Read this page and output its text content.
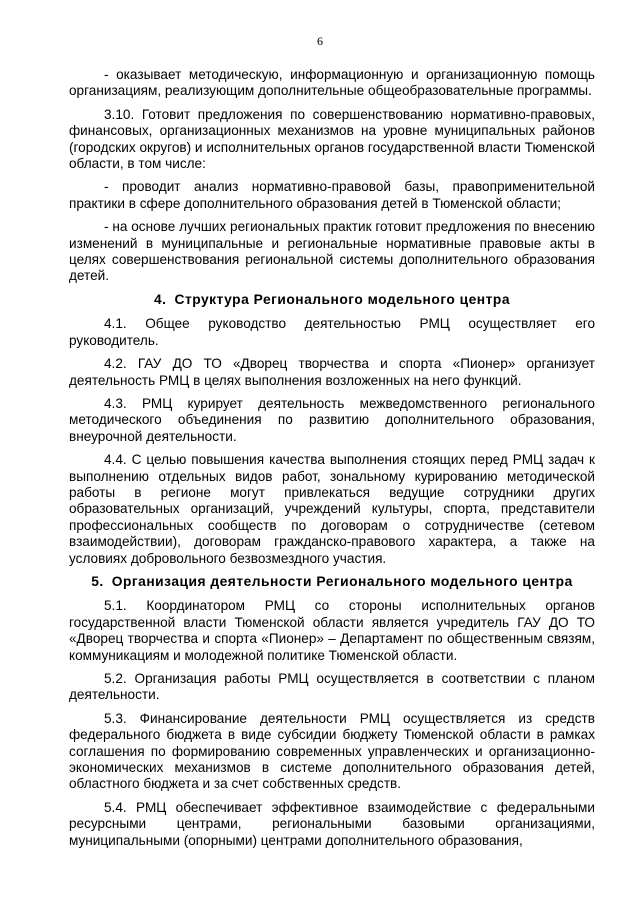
6

- оказывает методическую, информационную и организационную помощь организациям, реализующим дополнительные общеобразовательные программы.

3.10. Готовит предложения по совершенствованию нормативно-правовых, финансовых, организационных механизмов на уровне муниципальных районов (городских округов) и исполнительных органов государственной власти Тюменской области, в том числе:

- проводит анализ нормативно-правовой базы, правоприменительной практики в сфере дополнительного образования детей в Тюменской области;

- на основе лучших региональных практик готовит предложения по внесению изменений в муниципальные и региональные нормативные правовые акты в целях совершенствования региональной системы дополнительного образования детей.

4. Структура Регионального модельного центра

4.1. Общее руководство деятельностью РМЦ осуществляет его руководитель.

4.2. ГАУ ДО ТО «Дворец творчества и спорта «Пионер» организует деятельность РМЦ в целях выполнения возложенных на него функций.

4.3. РМЦ курирует деятельность межведомственного регионального методического объединения по развитию дополнительного образования, внеурочной деятельности.

4.4. С целью повышения качества выполнения стоящих перед РМЦ задач к выполнению отдельных видов работ, зональному курированию методической работы в регионе могут привлекаться ведущие сотрудники других образовательных организаций, учреждений культуры, спорта, представители профессиональных сообществ по договорам о сотрудничестве (сетевом взаимодействии), договорам гражданско-правового характера, а также на условиях добровольного безвозмездного участия.

5. Организация деятельности Регионального модельного центра

5.1. Координатором РМЦ со стороны исполнительных органов государственной власти Тюменской области является учредитель ГАУ ДО ТО «Дворец творчества и спорта «Пионер» – Департамент по общественным связям, коммуникациям и молодежной политике Тюменской области.

5.2. Организация работы РМЦ осуществляется в соответствии с планом деятельности.

5.3. Финансирование деятельности РМЦ осуществляется из средств федерального бюджета в виде субсидии бюджету Тюменской области в рамках соглашения по формированию современных управленческих и организационно-экономических механизмов в системе дополнительного образования детей, областного бюджета и за счет собственных средств.

5.4. РМЦ обеспечивает эффективное взаимодействие с федеральными ресурсными центрами, региональными базовыми организациями, муниципальными (опорными) центрами дополнительного образования,
